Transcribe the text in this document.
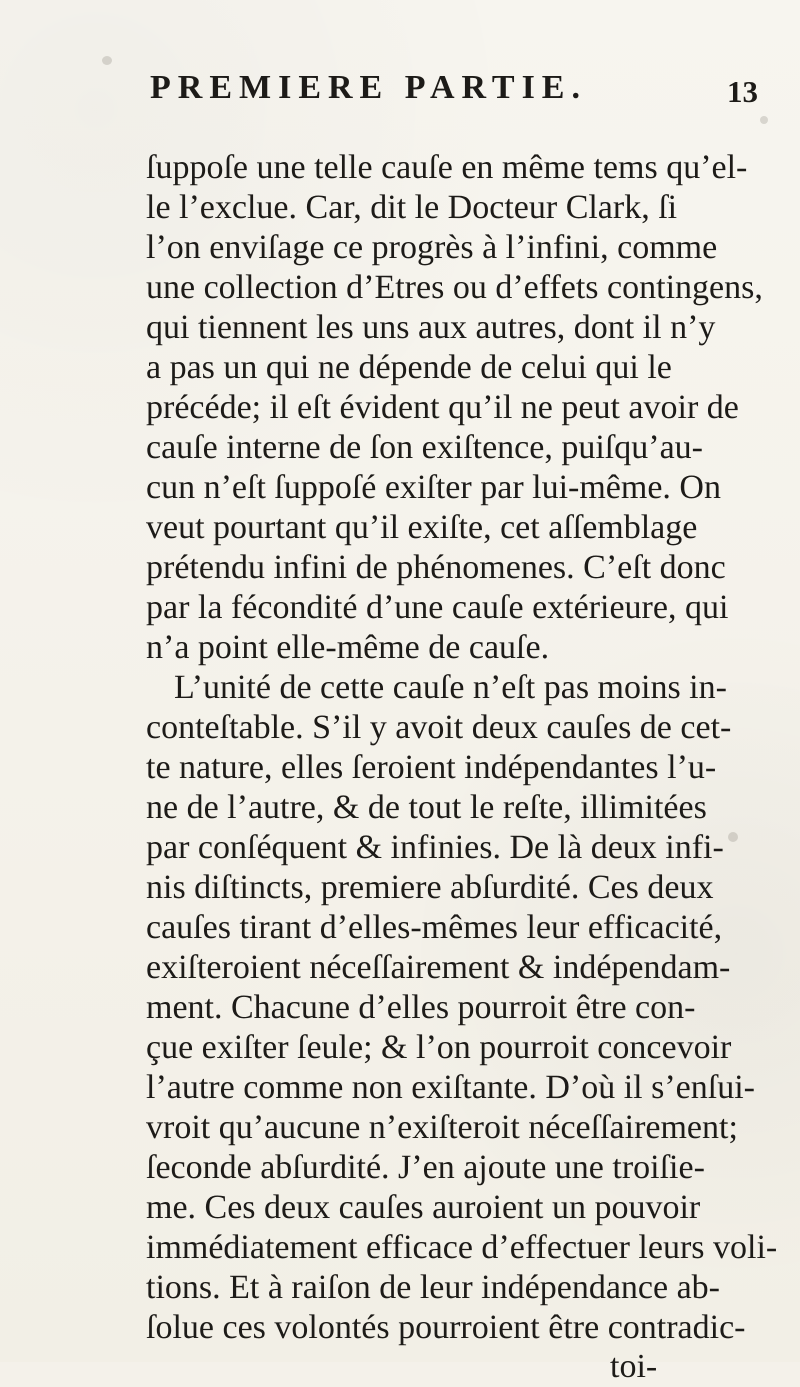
PREMIERE PARTIE.	13
ſuppoſe une telle cauſe en même tems qu’el-
le l’exclue. Car, dit le Docteur Clark, ſi
l’on enviſage ce progrès à l’infini, comme
une collection d’Etres ou d’effets contingens,
qui tiennent les uns aux autres, dont il n’y
a pas un qui ne dépende de celui qui le
précéde; il eſt évident qu’il ne peut avoir de
cauſe interne de ſon exiſtence, puiſqu’au-
cun n’eſt ſuppoſé exiſter par lui-même. On
veut pourtant qu’il exiſte, cet aſſemblage
prétendu infini de phénomenes. C’eſt donc
par la fécondité d’une cauſe extérieure, qui
n’a point elle-même de cauſe.
L’unité de cette cauſe n’eſt pas moins in-
conteſtable. S’il y avoit deux cauſes de cet-
te nature, elles ſeroient indépendantes l’u-
ne de l’autre, & de tout le reſte, illimitées
par conſéquent & infinies. De là deux infi-
nis diſtincts, premiere abſurdité. Ces deux
cauſes tirant d’elles-mêmes leur efficacité,
exiſteroient néceſſairement & indépendam-
ment. Chacune d’elles pourroit être con-
çue exiſter ſeule; & l’on pourroit concevoir
l’autre comme non exiſtante. D’où il s’enſui-
vroit qu’aucune n’exiſteroit néceſſairement;
ſeconde abſurdité. J’en ajoute une troiſie-
me. Ces deux cauſes auroient un pouvoir
immédiatement efficace d’effectuer leurs voli-
tions. Et à raiſon de leur indépendance ab-
ſolue ces volontés pourroient être contradic-
toi-
